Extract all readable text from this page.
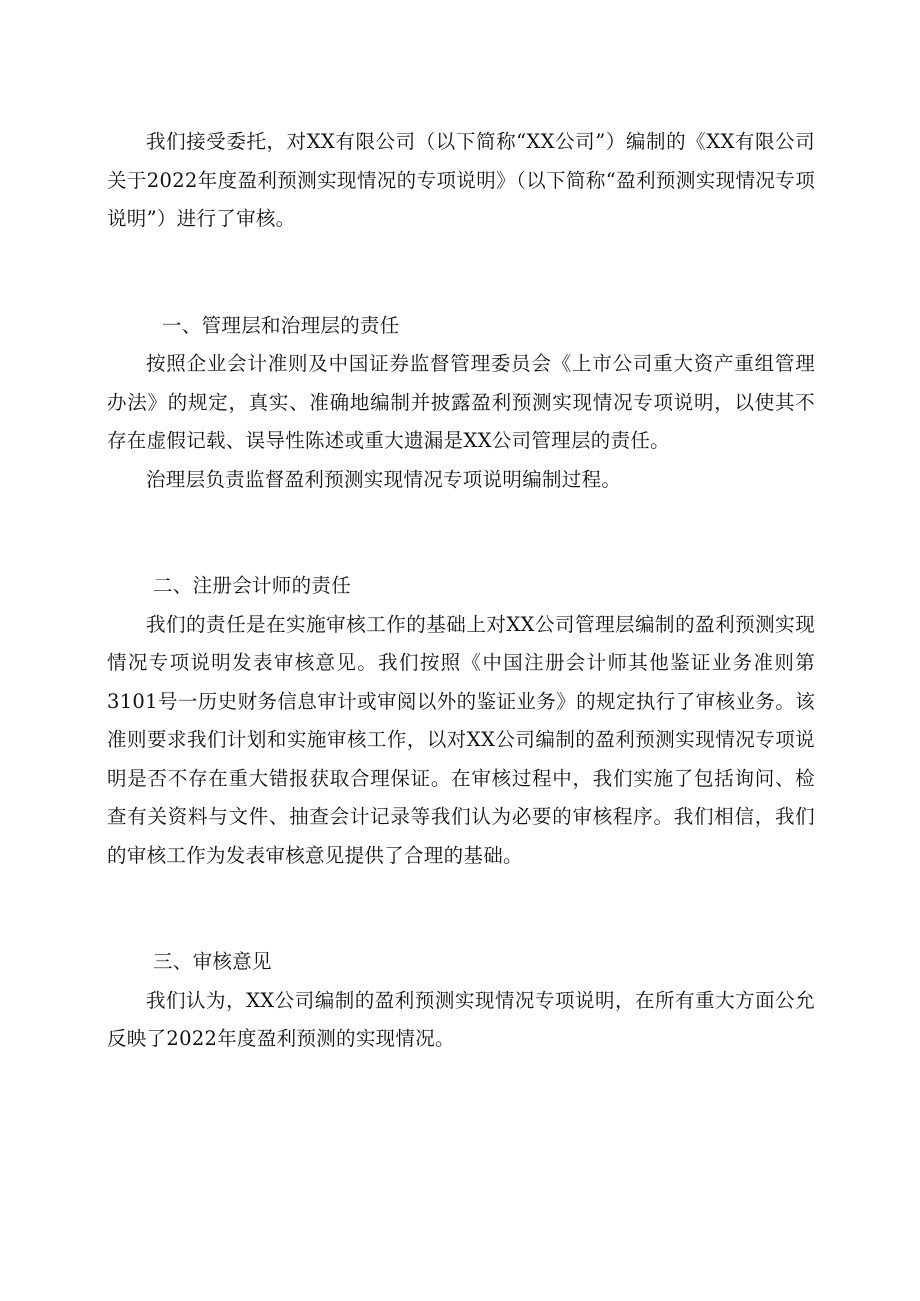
我们接受委托，对XX有限公司（以下简称“XX公司”）编制的《XX有限公司关于2022年度盈利预测实现情况的专项说明》（以下简称“盈利预测实现情况专项说明”）进行了审核。

一、管理层和治理层的责任

按照企业会计准则及中国证券监督管理委员会《上市公司重大资产重组管理办法》的规定，真实、准确地编制并披露盈利预测实现情况专项说明，以使其不存在虚假记载、误导性陈述或重大遗漏是XX公司管理层的责任。

治理层负责监督盈利预测实现情况专项说明编制过程。

二、注册会计师的责任

我们的责任是在实施审核工作的基础上对XX公司管理层编制的盈利预测实现情况专项说明发表审核意见。我们按照《中国注册会计师其他鉴证业务准则第3101号一历史财务信息审计或审阅以外的鉴证业务》的规定执行了审核业务。该准则要求我们计划和实施审核工作，以对XX公司编制的盈利预测实现情况专项说明是否不存在重大错报获取合理保证。在审核过程中，我们实施了包括询问、检查有关资料与文件、抽查会计记录等我们认为必要的审核程序。我们相信，我们的审核工作为发表审核意见提供了合理的基础。

三、审核意见

我们认为，XX公司编制的盈利预测实现情况专项说明，在所有重大方面公允反映了2022年度盈利预测的实现情况。
